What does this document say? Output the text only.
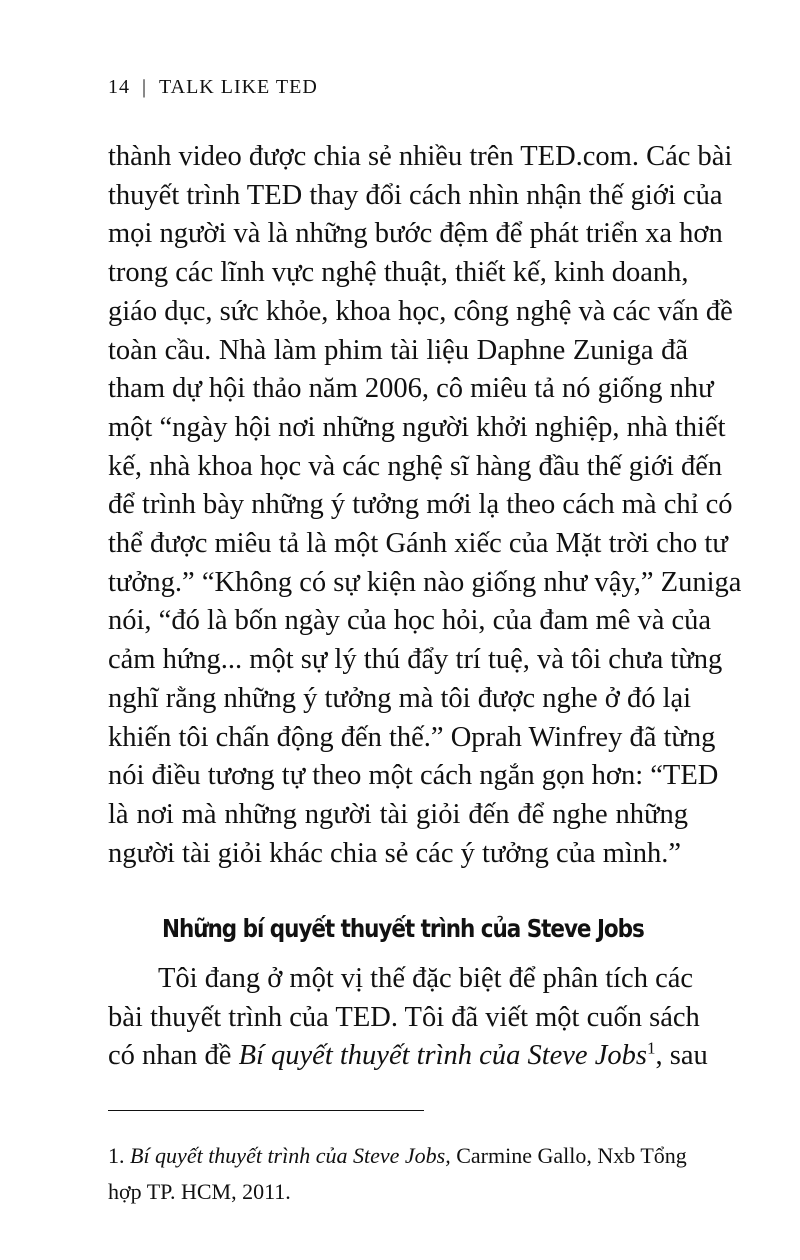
14 | TALK LIKE TED
thành video được chia sẻ nhiều trên TED.com. Các bài
thuyết trình TED thay đổi cách nhìn nhận thế giới của
mọi người và là những bước đệm để phát triển xa hơn
trong các lĩnh vực nghệ thuật, thiết kế, kinh doanh,
giáo dục, sức khỏe, khoa học, công nghệ và các vấn đề
toàn cầu. Nhà làm phim tài liệu Daphne Zuniga đã
tham dự hội thảo năm 2006, cô miêu tả nó giống như
một “ngày hội nơi những người khởi nghiệp, nhà thiết
kế, nhà khoa học và các nghệ sĩ hàng đầu thế giới đến
để trình bày những ý tưởng mới lạ theo cách mà chỉ có
thể được miêu tả là một Gánh xiếc của Mặt trời cho tư
tưởng.” “Không có sự kiện nào giống như vậy,” Zuniga
nói, “đó là bốn ngày của học hỏi, của đam mê và của
cảm hứng... một sự lý thú đẩy trí tuệ, và tôi chưa từng
nghĩ rằng những ý tưởng mà tôi được nghe ở đó lại
khiến tôi chấn động đến thế.” Oprah Winfrey đã từng
nói điều tương tự theo một cách ngắn gọn hơn: “TED
là nơi mà những người tài giỏi đến để nghe những
người tài giỏi khác chia sẻ các ý tưởng của mình.”
Những bí quyết thuyết trình của Steve Jobs
Tôi đang ở một vị thế đặc biệt để phân tích các
bài thuyết trình của TED. Tôi đã viết một cuốn sách
có nhan đề Bí quyết thuyết trình của Steve Jobs$^1$, sau
1. Bí quyết thuyết trình của Steve Jobs, Carmine Gallo, Nxb Tổng
hợp TP. HCM, 2011.
